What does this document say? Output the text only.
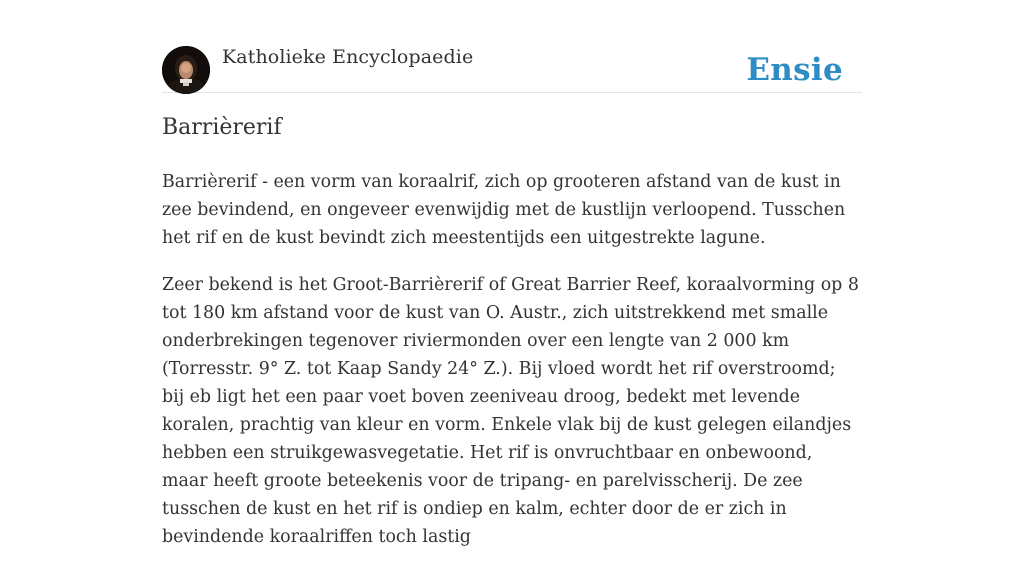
Katholieke Encyclopaedie	Ensie
Barrièrerif

Barrièrerif - een vorm van koraalrif, zich op grooteren afstand van de kust in zee bevindend, en ongeveer evenwijdig met de kustlijn verloopend. Tusschen het rif en de kust bevindt zich meestentijds een uitgestrekte lagune.

Zeer bekend is het Groot-Barrièrerif of Great Barrier Reef, koraalvorming op 8 tot 180 km afstand voor de kust van O. Austr., zich uitstrekkend met smalle onderbrekingen tegenover riviermonden over een lengte van 2 000 km (Torresstr. 9° Z. tot Kaap Sandy 24° Z.). Bij vloed wordt het rif overstroomd; bij eb ligt het een paar voet boven zeeniveau droog, bedekt met levende koralen, prachtig van kleur en vorm. Enkele vlak bij de kust gelegen eilandjes hebben een struikgewasvegetatie. Het rif is onvruchtbaar en onbewoond, maar heeft groote beteekenis voor de tripang- en parelvisscherij. De zee tusschen de kust en het rif is ondiep en kalm, echter door de er zich in bevindende koraalriffen toch lastig
